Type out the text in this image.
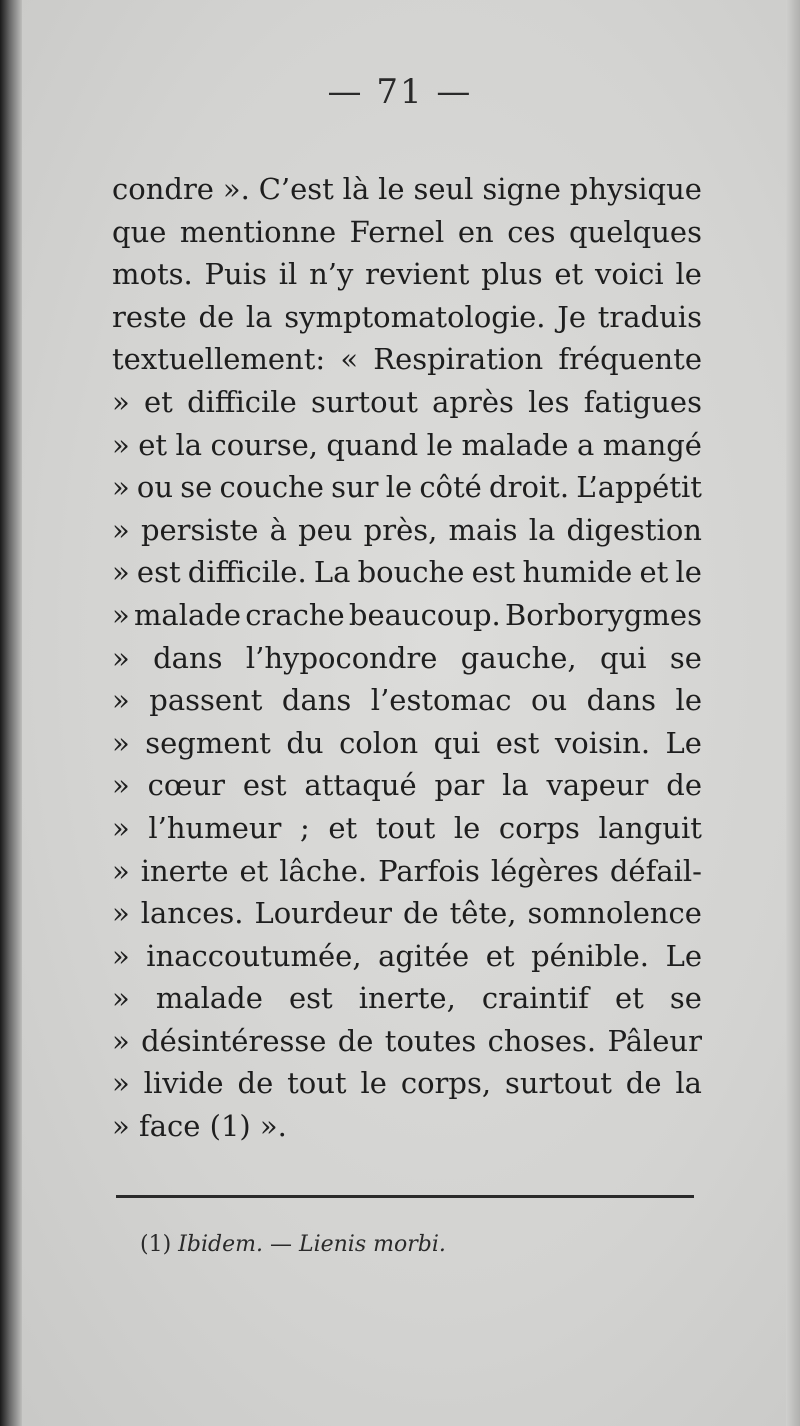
— 71 —
condre ». C’est là le seul signe physique
que mentionne Fernel en ces quelques
mots. Puis il n’y revient plus et voici le
reste de la symptomatologie. Je traduis
textuellement: « Respiration fréquente
» et difficile surtout après les fatigues
» et la course, quand le malade a mangé
» ou se couche sur le côté droit. L’appétit
» persiste à peu près, mais la digestion
» est difficile. La bouche est humide et le
» malade crache beaucoup. Borborygmes
» dans l’hypocondre gauche, qui se
» passent dans l’estomac ou dans le
» segment du colon qui est voisin. Le
» cœur est attaqué par la vapeur de
» l’humeur ; et tout le corps languit
» inerte et lâche. Parfois légères défail-
» lances. Lourdeur de tête, somnolence
» inaccoutumée, agitée et pénible. Le
» malade est inerte, craintif et se
» désintéresse de toutes choses. Pâleur
» livide de tout le corps, surtout de la
» face (1) ».
(1) Ibidem. — Lienis morbi.
